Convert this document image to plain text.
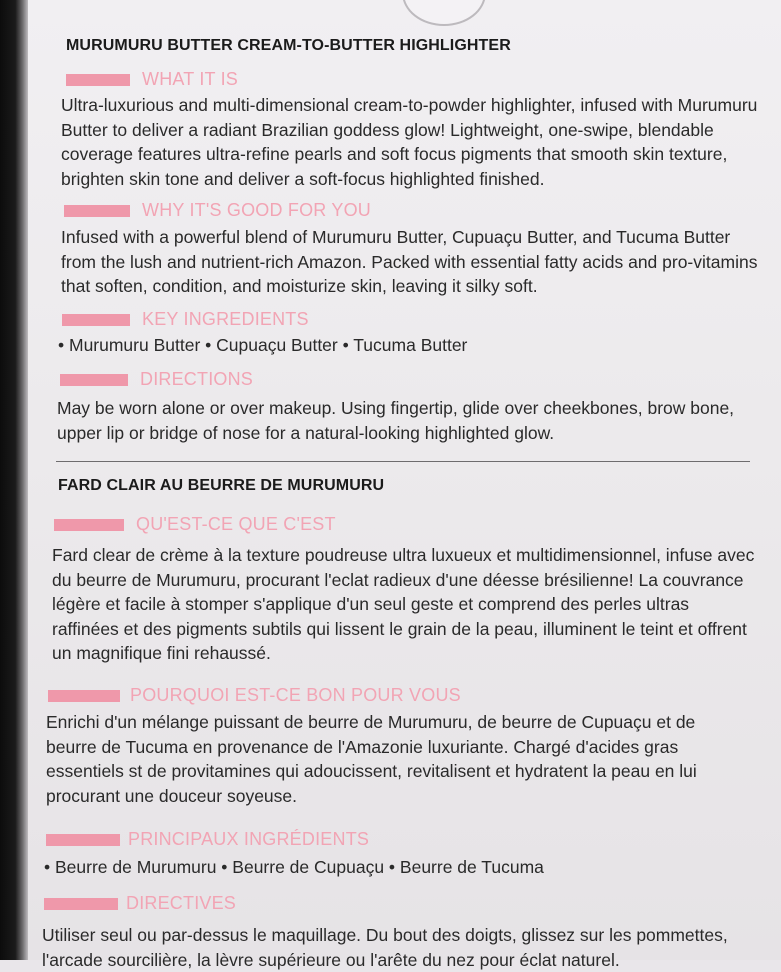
MURUMURU BUTTER CREAM-TO-BUTTER HIGHLIGHTER
WHAT IT IS
Ultra-luxurious and multi-dimensional cream-to-powder highlighter, infused with Murumuru
Butter to deliver a radiant Brazilian goddess glow! Lightweight, one-swipe, blendable
coverage features ultra-refine pearls and soft focus pigments that smooth skin texture,
brighten skin tone and deliver a soft-focus highlighted finished.
WHY IT'S GOOD FOR YOU
Infused with a powerful blend of Murumuru Butter, Cupuaçu Butter, and Tucuma Butter
from the lush and nutrient-rich Amazon. Packed with essential fatty acids and pro-vitamins
that soften, condition, and moisturize skin, leaving it silky soft.
KEY INGREDIENTS
• Murumuru Butter • Cupuaçu Butter • Tucuma Butter
DIRECTIONS
May be worn alone or over makeup. Using fingertip, glide over cheekbones, brow bone,
upper lip or bridge of nose for a natural-looking highlighted glow.
FARD CLAIR AU BEURRE DE MURUMURU
QU'EST-CE QUE C'EST
Fard clear de crème à la texture poudreuse ultra luxueux et multidimensionnel, infuse avec
du beurre de Murumuru, procurant l'eclat radieux d'une déesse brésilienne! La couvrance
légère et facile à stomper s'applique d'un seul geste et comprend des perles ultras
raffinées et des pigments subtils qui lissent le grain de la peau, illuminent le teint et offrent
un magnifique fini rehaussé.
POURQUOI EST-CE BON POUR VOUS
Enrichi d'un mélange puissant de beurre de Murumuru, de beurre de Cupuaçu et de
beurre de Tucuma en provenance de l'Amazonie luxuriante. Chargé d'acides gras
essentiels st de provitamines qui adoucissent, revitalisent et hydratent la peau en lui
procurant une douceur soyeuse.
PRINCIPAUX INGRÉDIENTS
• Beurre de Murumuru • Beurre de Cupuaçu • Beurre de Tucuma
DIRECTIVES
Utiliser seul ou par-dessus le maquillage. Du bout des doigts, glissez sur les pommettes,
l'arcade sourcilière, la lèvre supérieure ou l'arête du nez pour éclat naturel.
